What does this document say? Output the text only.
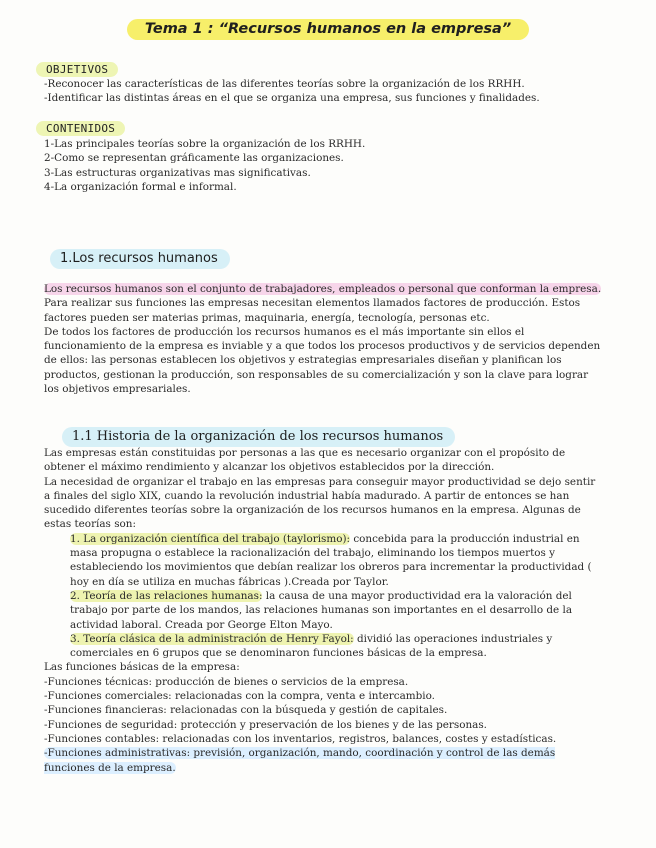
Tema 1 : “Recursos humanos en la empresa”
OBJETIVOS

-Reconocer las características de las diferentes teorías sobre la organización de los RRHH.

-Identificar las distintas áreas en el que se organiza una empresa, sus funciones y finalidades.

CONTENIDOS

1-Las principales teorías sobre la organización de los RRHH.

2-Como se representan gráficamente las organizaciones.

3-Las estructuras organizativas mas significativas.

4-La organización formal e informal.

1.Los recursos humanos

Los recursos humanos son el conjunto de trabajadores, empleados o personal que conforman la empresa.

Para realizar sus funciones las empresas necesitan elementos llamados factores de producción. Estos factores pueden ser materias primas, maquinaria, energía, tecnología, personas etc.

De todos los factores de producción los recursos humanos es el más importante sin ellos el funcionamiento de la empresa es inviable y a que todos los procesos productivos y de servicios dependen de ellos: las personas establecen los objetivos y estrategias empresariales diseñan y planifican los productos, gestionan la producción, son responsables de su comercialización y son la clave para lograr los objetivos empresariales.

1.1 Historia de la organización de los recursos humanos

Las empresas están constituidas por personas a las que es necesario organizar con el propósito de obtener el máximo rendimiento y alcanzar los objetivos establecidos por la dirección.

La necesidad de organizar el trabajo en las empresas para conseguir mayor productividad se dejo sentir a finales del siglo XIX, cuando la revolución industrial había madurado. A partir de entonces se han sucedido diferentes teorías sobre la organización de los recursos humanos en la empresa. Algunas de estas teorías son:

1. La organización científica del trabajo (taylorismo): concebida para la producción industrial en masa propugna o establece la racionalización del trabajo, eliminando los tiempos muertos y estableciendo los movimientos que debían realizar los obreros para incrementar la productividad ( hoy en día se utiliza en muchas fábricas ).Creada por Taylor.

2. Teoría de las relaciones humanas: la causa de una mayor productividad era la valoración del trabajo por parte de los mandos, las relaciones humanas son importantes en el desarrollo de la actividad laboral. Creada por George Elton Mayo.

3. Teoría clásica de la administración de Henry Fayol: dividió las operaciones industriales y comerciales en 6 grupos que se denominaron funciones básicas de la empresa.

Las funciones básicas de la empresa:

-Funciones técnicas: producción de bienes o servicios de la empresa.

-Funciones comerciales: relacionadas con la compra, venta e intercambio.

-Funciones financieras: relacionadas con la búsqueda y gestión de capitales.

-Funciones de seguridad: protección y preservación de los bienes y de las personas.

-Funciones contables: relacionadas con los inventarios, registros, balances, costes y estadísticas.

-Funciones administrativas: previsión, organización, mando, coordinación y control de las demás funciones de la empresa.
